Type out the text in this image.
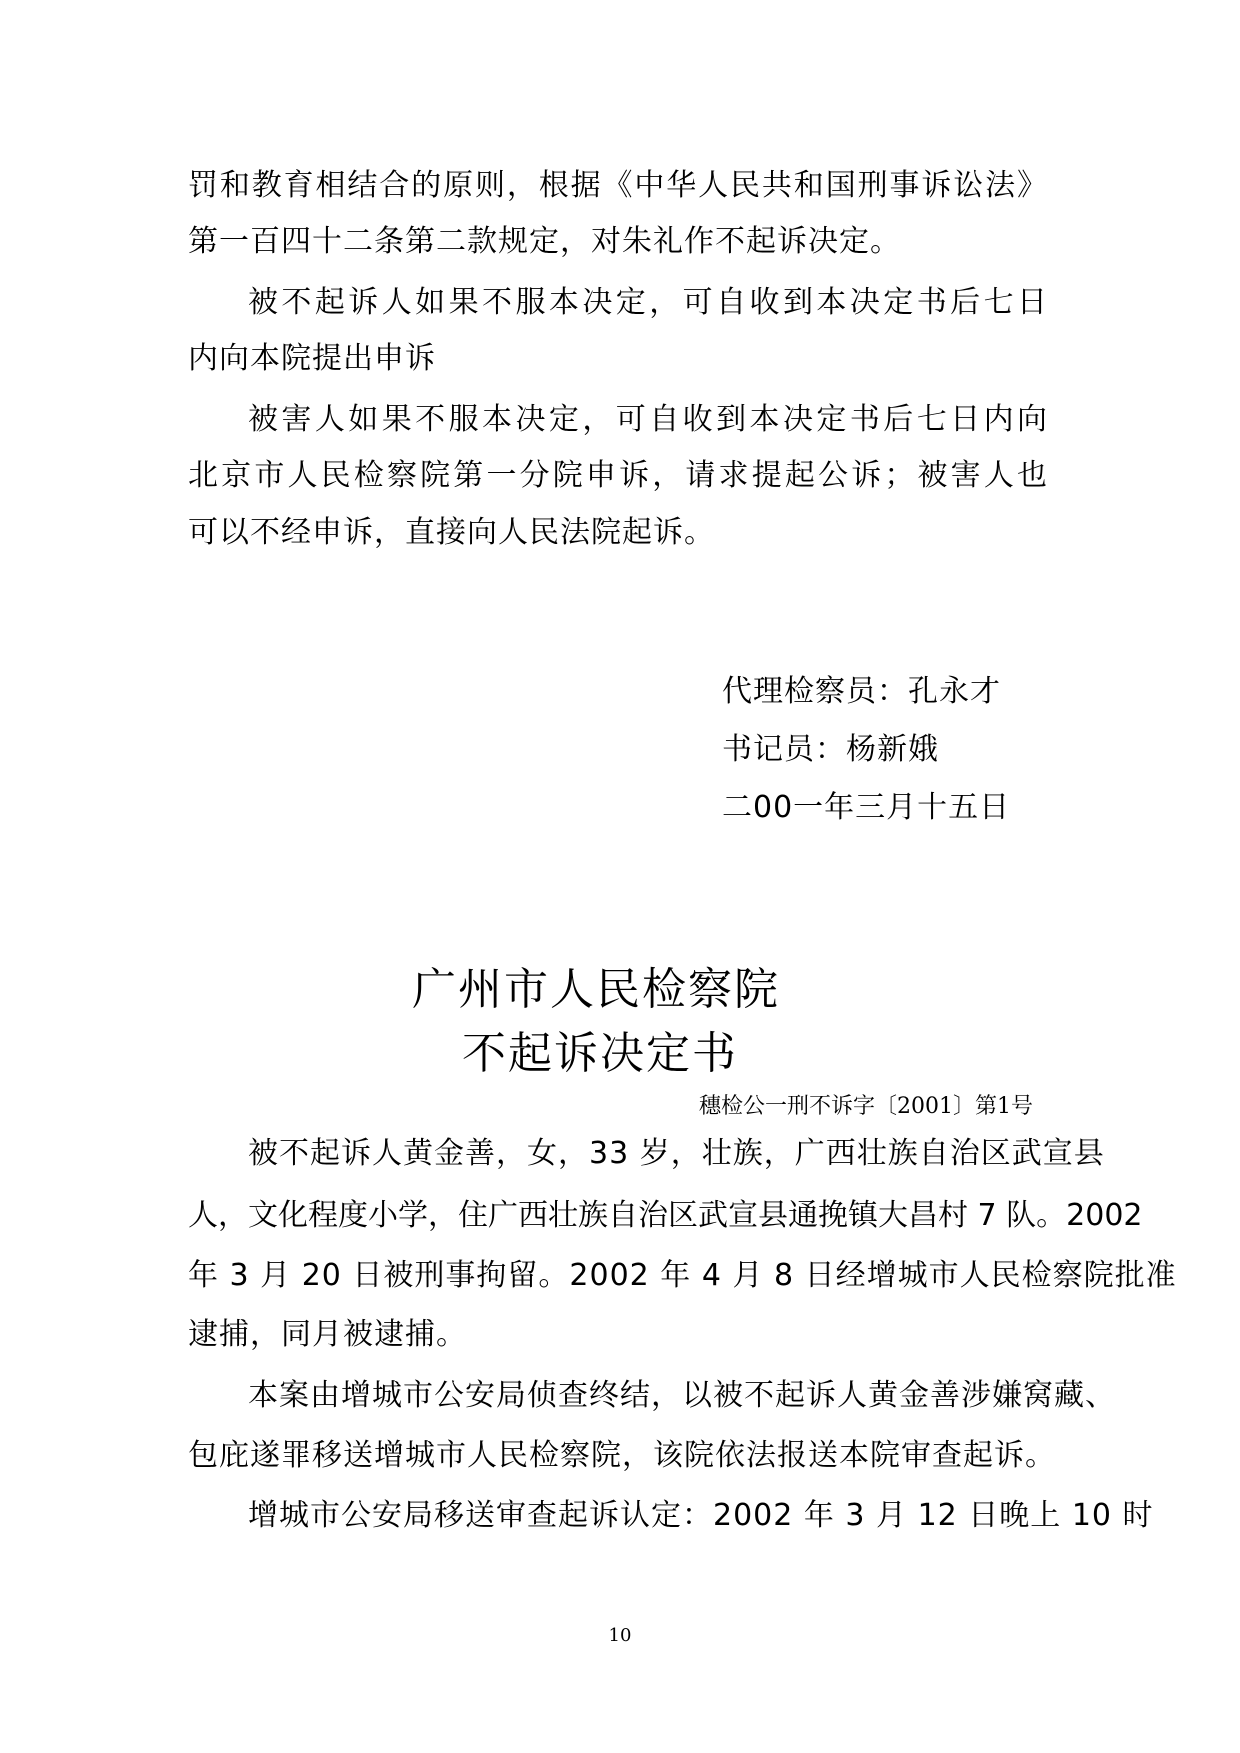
罚和教育相结合的原则，根据《中华人民共和国刑事诉讼法》
第一百四十二条第二款规定，对朱礼作不起诉决定。
被不起诉人如果不服本决定，可自收到本决定书后七日
内向本院提出申诉
被害人如果不服本决定，可自收到本决定书后七日内向
北京市人民检察院第一分院申诉，请求提起公诉；被害人也
可以不经申诉，直接向人民法院起诉。
代理检察员：孔永才
书记员：杨新娥
二00一年三月十五日
广州市人民检察院
不起诉决定书
穗检公一刑不诉字〔2001〕第1号
被不起诉人黄金善，女，33 岁，壮族，广西壮族自治区武宣县
人，文化程度小学，住广西壮族自治区武宣县通挽镇大昌村 7 队。2002
年 3 月 20 日被刑事拘留。2002 年 4 月 8 日经增城市人民检察院批准
逮捕，同月被逮捕。
本案由增城市公安局侦查终结，以被不起诉人黄金善涉嫌窝藏、
包庇遂罪移送增城市人民检察院，该院依法报送本院审查起诉。
增城市公安局移送审查起诉认定：2002 年 3 月 12 日晚上 10 时
10
